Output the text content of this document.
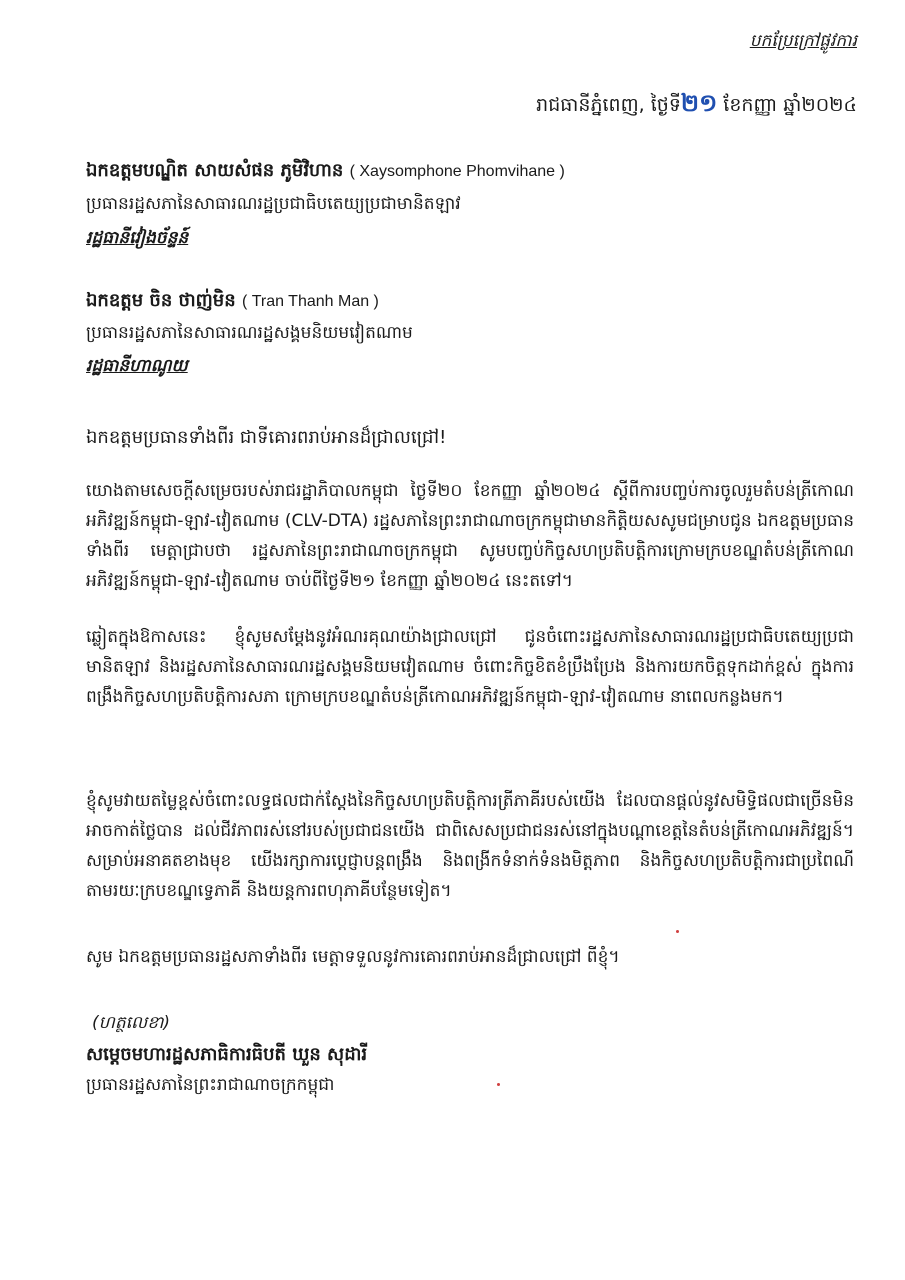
បកប្រែក្រៅផ្លូវការ
រាជធានីភ្នំពេញ, ថ្ងៃទី២១ ខែកញ្ញា ឆ្នាំ២០២៤
ឯកឧត្តមបណ្ឌិត សាយសំផន ភូមិវិហាន ( Xaysomphone Phomvihane )
ប្រធានរដ្ឋសភានៃសាធារណរដ្ឋប្រជាធិបតេយ្យប្រជាមានិតឡាវ
រដ្ឋធានីវៀងច័ន្ទន៍
ឯកឧត្តម ចិន ថាញ់មិន ( Tran Thanh Man )
ប្រធានរដ្ឋសភានៃសាធារណរដ្ឋសង្គមនិយមវៀតណាម
រដ្ឋធានីហាណូយ
ឯកឧត្តមប្រធានទាំងពីរ ជាទីគោរពរាប់អានដ៏ជ្រាលជ្រៅ!
យោងតាមសេចក្តីសម្រេចរបស់រាជរដ្ឋាភិបាលកម្ពុជា ថ្ងៃទី២០ ខែកញ្ញា ឆ្នាំ២០២៤ ស្តីពីការបញ្ចប់ការចូលរួមតំបន់ត្រីកោណអភិវឌ្ឍន៍កម្ពុជា-ឡាវ-វៀតណាម (CLV-DTA) រដ្ឋសភានៃព្រះរាជាណាចក្រកម្ពុជាមានកិត្តិយសសូមជម្រាបជូន ឯកឧត្តមប្រធានទាំងពីរ មេត្តាជ្រាបថា រដ្ឋសភានៃព្រះរាជាណាចក្រកម្ពុជា សូមបញ្ចប់កិច្ចសហប្រតិបត្តិការក្រោមក្របខណ្ឌតំបន់ត្រីកោណអភិវឌ្ឍន៍កម្ពុជា-ឡាវ-វៀតណាម ចាប់ពីថ្ងៃទី២១ ខែកញ្ញា ឆ្នាំ២០២៤ នេះតទៅ។
ឆ្លៀតក្នុងឱកាសនេះ ខ្ញុំសូមសម្តែងនូវអំណរគុណយ៉ាងជ្រាលជ្រៅ ជូនចំពោះរដ្ឋសភានៃសាធារណរដ្ឋប្រជាធិបតេយ្យប្រជាមានិតឡាវ និងរដ្ឋសភានៃសាធារណរដ្ឋសង្គមនិយមវៀតណាម ចំពោះកិច្ចខិតខំប្រឹងប្រែង និងការយកចិត្តទុកដាក់ខ្ពស់ ក្នុងការពង្រឹងកិច្ចសហប្រតិបត្តិការសភា ក្រោមក្របខណ្ឌតំបន់ត្រីកោណអភិវឌ្ឍន៍កម្ពុជា-ឡាវ-វៀតណាម នាពេលកន្លងមក។
ខ្ញុំសូមវាយតម្លៃខ្ពស់ចំពោះលទ្ធផលជាក់ស្តែងនៃកិច្ចសហប្រតិបត្តិការត្រីភាគីរបស់យើង ដែលបានផ្តល់នូវសមិទ្ធិផលជាច្រើនមិនអាចកាត់ថ្លៃបាន ដល់ជីវភាពរស់នៅរបស់ប្រជាជនយើង ជាពិសេសប្រជាជនរស់នៅក្នុងបណ្តាខេត្តនៃតំបន់ត្រីកោណអភិវឌ្ឍន៍។ សម្រាប់អនាគតខាងមុខ យើងរក្សាការប្តេជ្ញាបន្តពង្រឹង និងពង្រីកទំនាក់ទំនងមិត្តភាព និងកិច្ចសហប្រតិបត្តិការជាប្រពៃណី តាមរយៈក្របខណ្ឌទ្វេភាគី និងយន្តការពហុភាគីបន្ថែមទៀត។
សូម ឯកឧត្តមប្រធានរដ្ឋសភាទាំងពីរ មេត្តាទទួលនូវការគោរពរាប់អានដ៏ជ្រាលជ្រៅ ពីខ្ញុំ។
(ហត្ថលេខា)
សម្តេចមហារដ្ឋសភាធិការធិបតី ឃួន សុដារី
ប្រធានរដ្ឋសភានៃព្រះរាជាណាចក្រកម្ពុជា
